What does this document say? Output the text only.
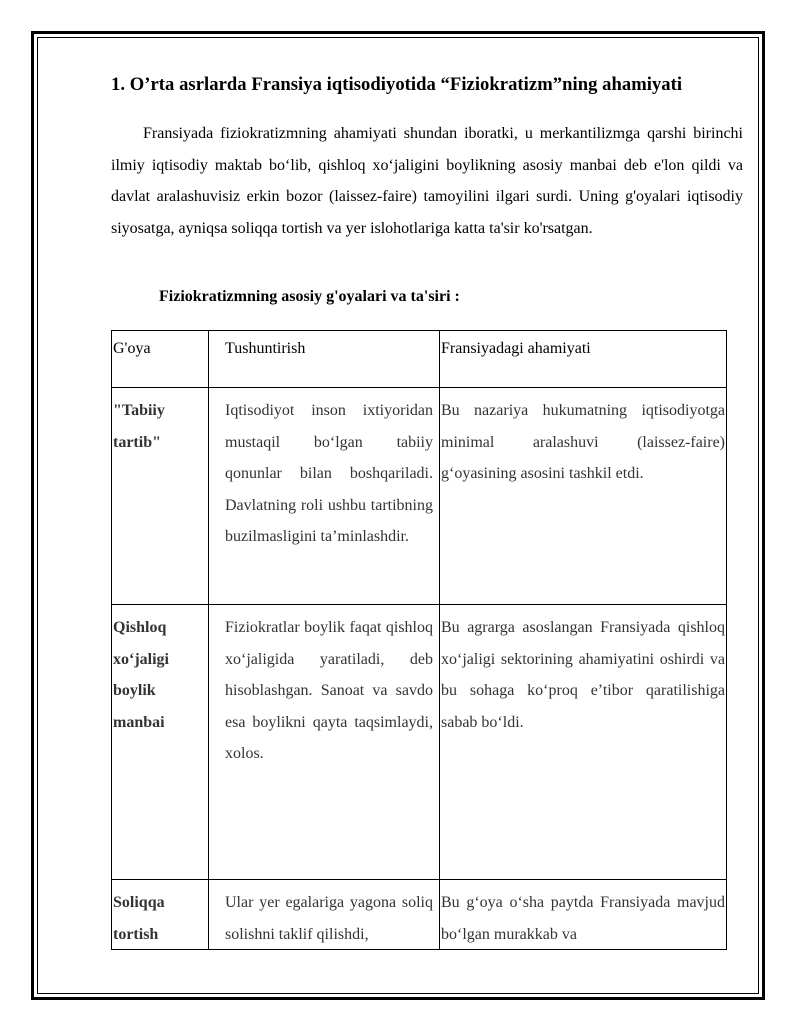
1. O’rta asrlarda Fransiya iqtisodiyotida “Fiziokratizm”ning ahamiyati

Fransiyada fiziokratizmning ahamiyati shundan iboratki, u merkantilizmga qarshi birinchi ilmiy iqtisodiy maktab bo‘lib, qishloq xo‘jaligini boylikning asosiy manbai deb e'lon qildi va davlat aralashuvisiz erkin bozor (laissez-faire) tamoyilini ilgari surdi. Uning g'oyalari iqtisodiy siyosatga, ayniqsa soliqqa tortish va yer islohotlariga katta ta'sir ko'rsatgan.

Fiziokratizmning asosiy g'oyalari va ta'siri :
G'oya	Tushuntirish	Fransiyadagi ahamiyati

"Tabiiy tartib"	Iqtisodiyot inson ixtiyoridan mustaqil bo‘lgan tabiiy qonunlar bilan boshqariladi. Davlatning roli ushbu tartibning buzilmasligini ta’minlashdir.	Bu nazariya hukumatning iqtisodiyotga minimal aralashuvi (laissez-faire) g‘oyasining asosini tashkil etdi.

Qishloq xo‘jaligi boylik manbai	Fiziokratlar boylik faqat qishloq xo‘jaligida yaratiladi, deb hisoblashgan. Sanoat va savdo esa boylikni qayta taqsimlaydi, xolos.	Bu agrarga asoslangan Fransiyada qishloq xo‘jaligi sektorining ahamiyatini oshirdi va bu sohaga ko‘proq e’tibor qaratilishiga sabab bo‘ldi.

Soliqqa tortish	Ular yer egalariga yagona soliq solishni taklif qilishdi,	Bu g‘oya o‘sha paytda Fransiyada mavjud bo‘lgan murakkab va
